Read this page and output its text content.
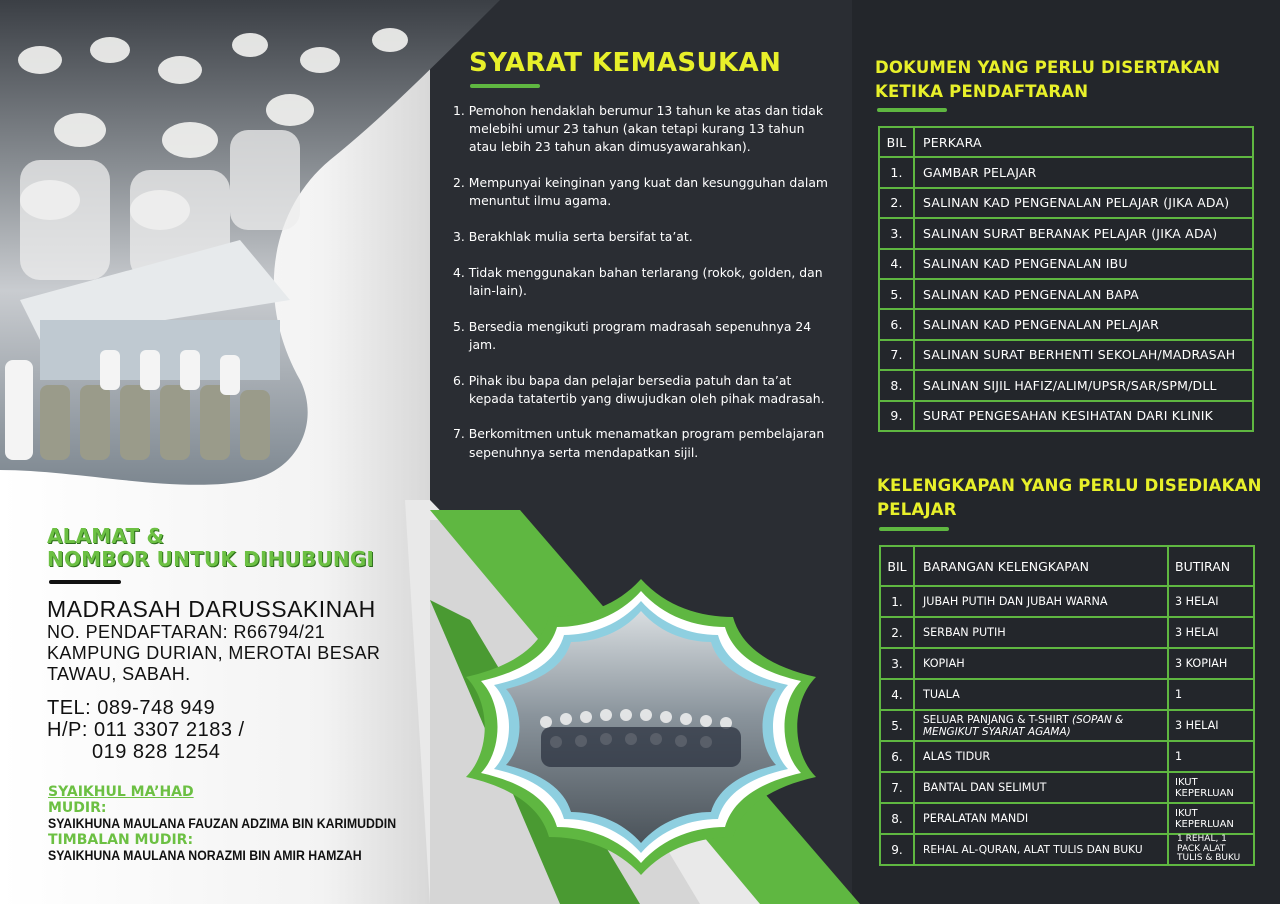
ALAMAT &
NOMBOR UNTUK DIHUBUNGI
MADRASAH DARUSSAKINAH
NO. PENDAFTARAN: R66794/21
KAMPUNG DURIAN, MEROTAI BESAR
TAWAU, SABAH.
TEL: 089-748 949
H/P: 011 3307 2183 /
019 828 1254
SYAIKHUL MA’HAD
MUDIR:
SYAIKHUNA MAULANA FAUZAN ADZIMA BIN KARIMUDDIN
TIMBALAN MUDIR:
SYAIKHUNA MAULANA NORAZMI BIN AMIR HAMZAH
SYARAT KEMASUKAN
1. Pemohon hendaklah berumur 13 tahun ke atas dan tidak melebihi umur 23 tahun (akan tetapi kurang 13 tahun atau lebih 23 tahun akan dimusyawarahkan).
2. Mempunyai keinginan yang kuat dan kesungguhan dalam menuntut ilmu agama.
3. Berakhlak mulia serta bersifat ta’at.
4. Tidak menggunakan bahan terlarang (rokok, golden, dan lain-lain).
5. Bersedia mengikuti program madrasah sepenuhnya 24 jam.
6. Pihak ibu bapa dan pelajar bersedia patuh dan ta’at kepada tatatertib yang diwujudkan oleh pihak madrasah.
7. Berkomitmen untuk menamatkan program pembelajaran sepenuhnya serta mendapatkan sijil.
DOKUMEN YANG PERLU DISERTAKAN
KETIKA PENDAFTARAN
BIL	PERKARA
1.	GAMBAR PELAJAR
2.	SALINAN KAD PENGENALAN PELAJAR (JIKA ADA)
3.	SALINAN SURAT BERANAK PELAJAR (JIKA ADA)
4.	SALINAN KAD PENGENALAN IBU
5.	SALINAN KAD PENGENALAN BAPA
6.	SALINAN KAD PENGENALAN PELAJAR
7.	SALINAN SURAT BERHENTI SEKOLAH/MADRASAH
8.	SALINAN SIJIL HAFIZ/ALIM/UPSR/SAR/SPM/DLL
9.	SURAT PENGESAHAN KESIHATAN DARI KLINIK
KELENGKAPAN YANG PERLU DISEDIAKAN
PELAJAR
BIL	BARANGAN KELENGKAPAN	BUTIRAN
1.	JUBAH PUTIH DAN JUBAH WARNA	3 HELAI
2.	SERBAN PUTIH	3 HELAI
3.	KOPIAH	3 KOPIAH
4.	TUALA	1
5.	SELUAR PANJANG & T-SHIRT (SOPAN & MENGIKUT SYARIAT AGAMA)	3 HELAI
6.	ALAS TIDUR	1
7.	BANTAL DAN SELIMUT	IKUT KEPERLUAN
8.	PERALATAN MANDI	IKUT KEPERLUAN
9.	REHAL AL-QURAN, ALAT TULIS DAN BUKU	1 REHAL, 1 PACK ALAT TULIS & BUKU
